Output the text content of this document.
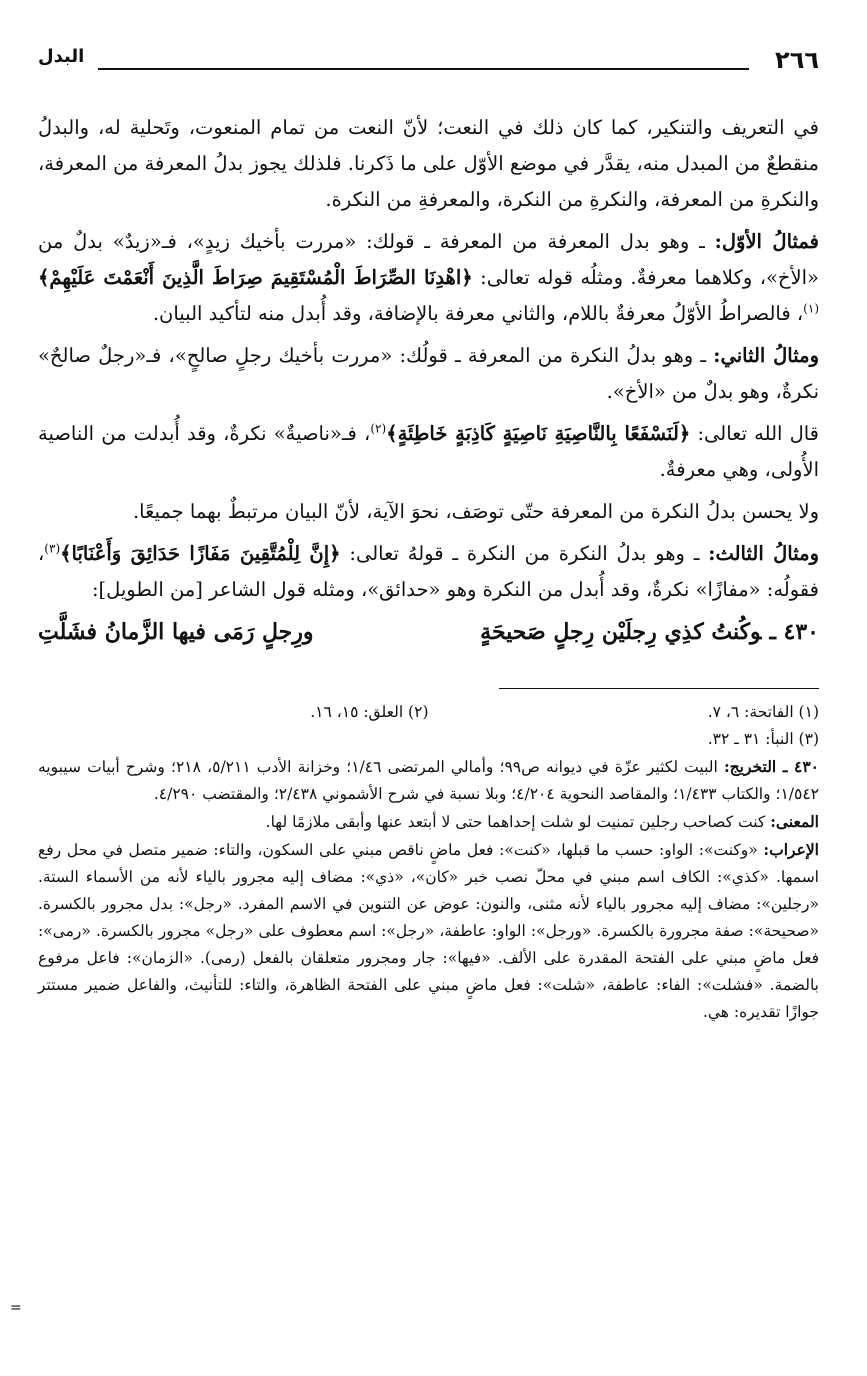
٢٦٦
البدل

في التعريف والتنكير، كما كان ذلك في النعت؛ لأنّ النعت من تمام المنعوت، وتَحلية له، والبدلُ منقطعٌ من المبدل منه، يقدَّر في موضع الأوّل على ما ذَكرنا. فلذلك يجوز بدلُ المعرفة من المعرفة، والنكرةِ من المعرفة، والنكرةِ من النكرة، والمعرفةِ من النكرة.

فمثالُ الأوّل: ـ وهو بدل المعرفة من المعرفة ـ قولك: «مررت بأخيك زيدٍ»، فـ«زيدٌ» بدلٌ من «الأخ»، وكلاهما معرفةٌ. ومثلُه قوله تعالى: ﴿اهْدِنَا الصِّرَاطَ الْمُسْتَقِيمَ صِرَاطَ الَّذِينَ أَنْعَمْتَ عَلَيْهِمْ﴾$^{(١)}$، فالصراطُ الأوّلُ معرفةٌ باللام، والثاني معرفة بالإضافة، وقد أُبدل منه لتأكيد البيان.

ومثالُ الثاني: ـ وهو بدلُ النكرة من المعرفة ـ قولُك: «مررت بأخيك رجلٍ صالحٍ»، فـ«رجلٌ صالحٌ» نكرةٌ، وهو بدلٌ من «الأخ».

قال الله تعالى: ﴿لَنَسْفَعًا بِالنَّاصِيَةِ نَاصِيَةٍ كَاذِبَةٍ خَاطِئَةٍ﴾$^{(٢)}$، فـ«ناصيةٌ» نكرةٌ، وقد أُبدلت من الناصية الأُولى، وهي معرفةٌ.

ولا يحسن بدلُ النكرة من المعرفة حتّى توصَف، نحوَ الآية، لأنّ البيان مرتبطٌ بهما جميعًا.

ومثالُ الثالث: ـ وهو بدلُ النكرة من النكرة ـ قولهُ تعالى: ﴿إِنَّ لِلْمُتَّقِينَ مَفَازًا حَدَائِقَ وَأَعْنَابًا﴾$^{(٣)}$، فقولُه: «مفازًا» نكرةٌ، وقد أُبدل من النكرة وهو «حدائق»، ومثله قول الشاعر [من الطويل]:

٤٣٠ ـوكُنتُ كذِي رِجلَيْن رِجلٍ صَحيحَةٍ
ورِجلٍ رَمَى فيها الزَّمانُ فشَلَّتِ
(١) الفاتحة: ٦، ٧.
(٢) العلق: ١٥، ١٦.

(٣) النبأ: ٣١ ـ ٣٢.

٤٣٠ ـ التخريج: البيت لكثير عزّة في ديوانه ص٩٩؛ وأمالي المرتضى ١/٤٦؛ وخزانة الأدب ٥/٢١١، ٢١٨؛ وشرح أبيات سيبويه ١/٥٤٢؛ والكتاب ١/٤٣٣؛ والمقاصد النحوية ٤/٢٠٤؛ وبلا نسبة في شرح الأشموني ٢/٤٣٨؛ والمقتضب ٤/٢٩٠.

المعنى: كنت كصاحب رجلين تمنيت لو شلت إحداهما حتى لا أبتعد عنها وأبقى ملازمًا لها.

الإعراب: «وكنت»: الواو: حسب ما قبلها، «كنت»: فعل ماضٍ ناقص مبني على السكون، والتاء: ضمير متصل في محل رفع اسمها. «كذي»: الكاف اسم مبني في محلّ نصب خبر «كان»، «ذي»: مضاف إليه مجرور بالياء لأنه من الأسماء الستة. «رجلين»: مضاف إليه مجرور بالياء لأنه مثنى، والنون: عوض عن التنوين في الاسم المفرد. «رجل»: بدل مجرور بالكسرة. «صحيحة»: صفة مجرورة بالكسرة. «ورجل»: الواو: عاطفة، «رجل»: اسم معطوف على «رجل» مجرور بالكسرة. «رمى»: فعل ماضٍ مبني على الفتحة المقدرة على الألف. «فيها»: جار ومجرور متعلقان بالفعل (رمى). «الزمان»: فاعل مرفوع بالضمة. «فشلت»: الفاء: عاطفة، «شلت»: فعل ماضٍ مبني على الفتحة الظاهرة، والتاء: للتأنيث، والفاعل ضمير مستتر جوازًا تقديره: هي.

=
